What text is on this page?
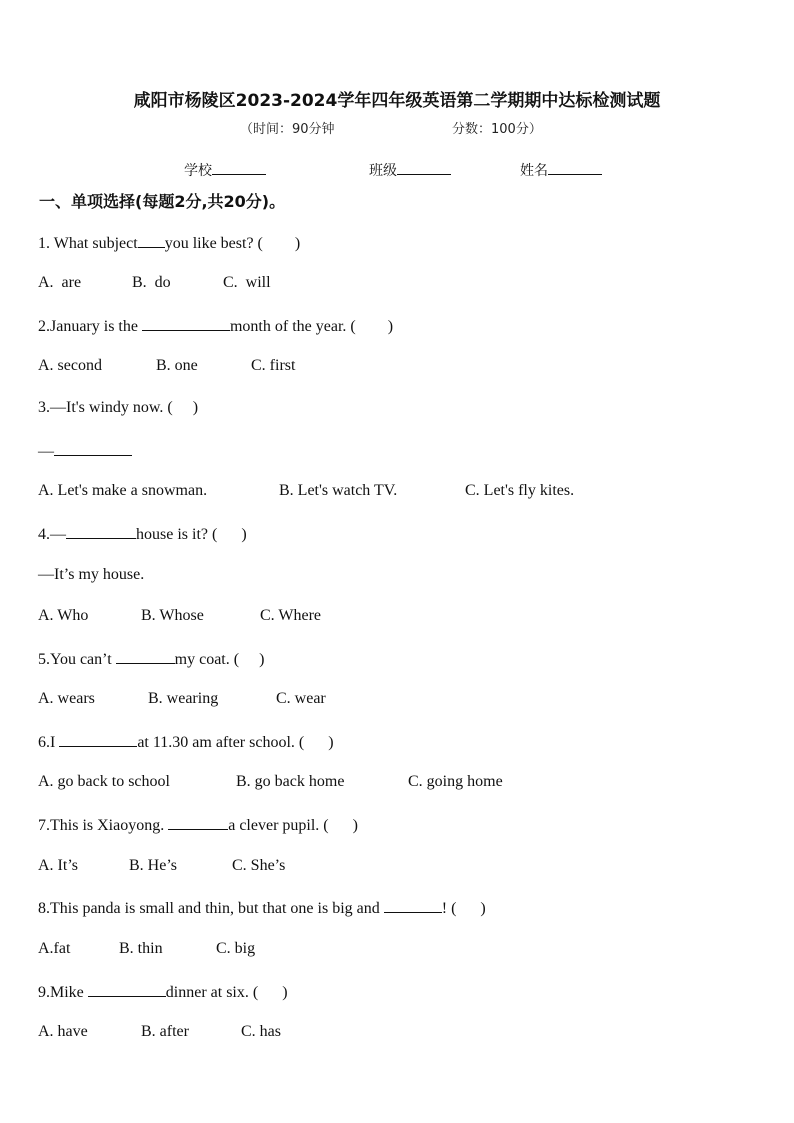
咸阳市杨陵区2023-2024学年四年级英语第二学期期中达标检测试题
（时间：90分钟	分数：100分）
学校	班级	姓名
一、单项选择(每题2分,共20分)。
1. What subject you like best? (        )
A.  are	B.  do	C.  will
2.January is the	month of the year. (        )
A. second	B. one	C. first
3.—It's windy now. (     )
—
A. Let's make a snowman.	B. Let's watch TV.	C. Let's fly kites.
4.—	house is it? (      )
—It’s my house.
A. Who	B. Whose	C. Where
5.You can’t	my coat. (     )
A. wears	B. wearing	C. wear
6.I	at 11.30 am after school. (      )
A. go back to school	B. go back home	C. going home
7.This is Xiaoyong.	a clever pupil. (      )
A. It’s	B. He’s	C. She’s
8.This panda is small and thin, but that one is big and	! (      )
A.fat	B. thin	C. big
9.Mike	dinner at six. (      )
A. have	B. after	C. has
